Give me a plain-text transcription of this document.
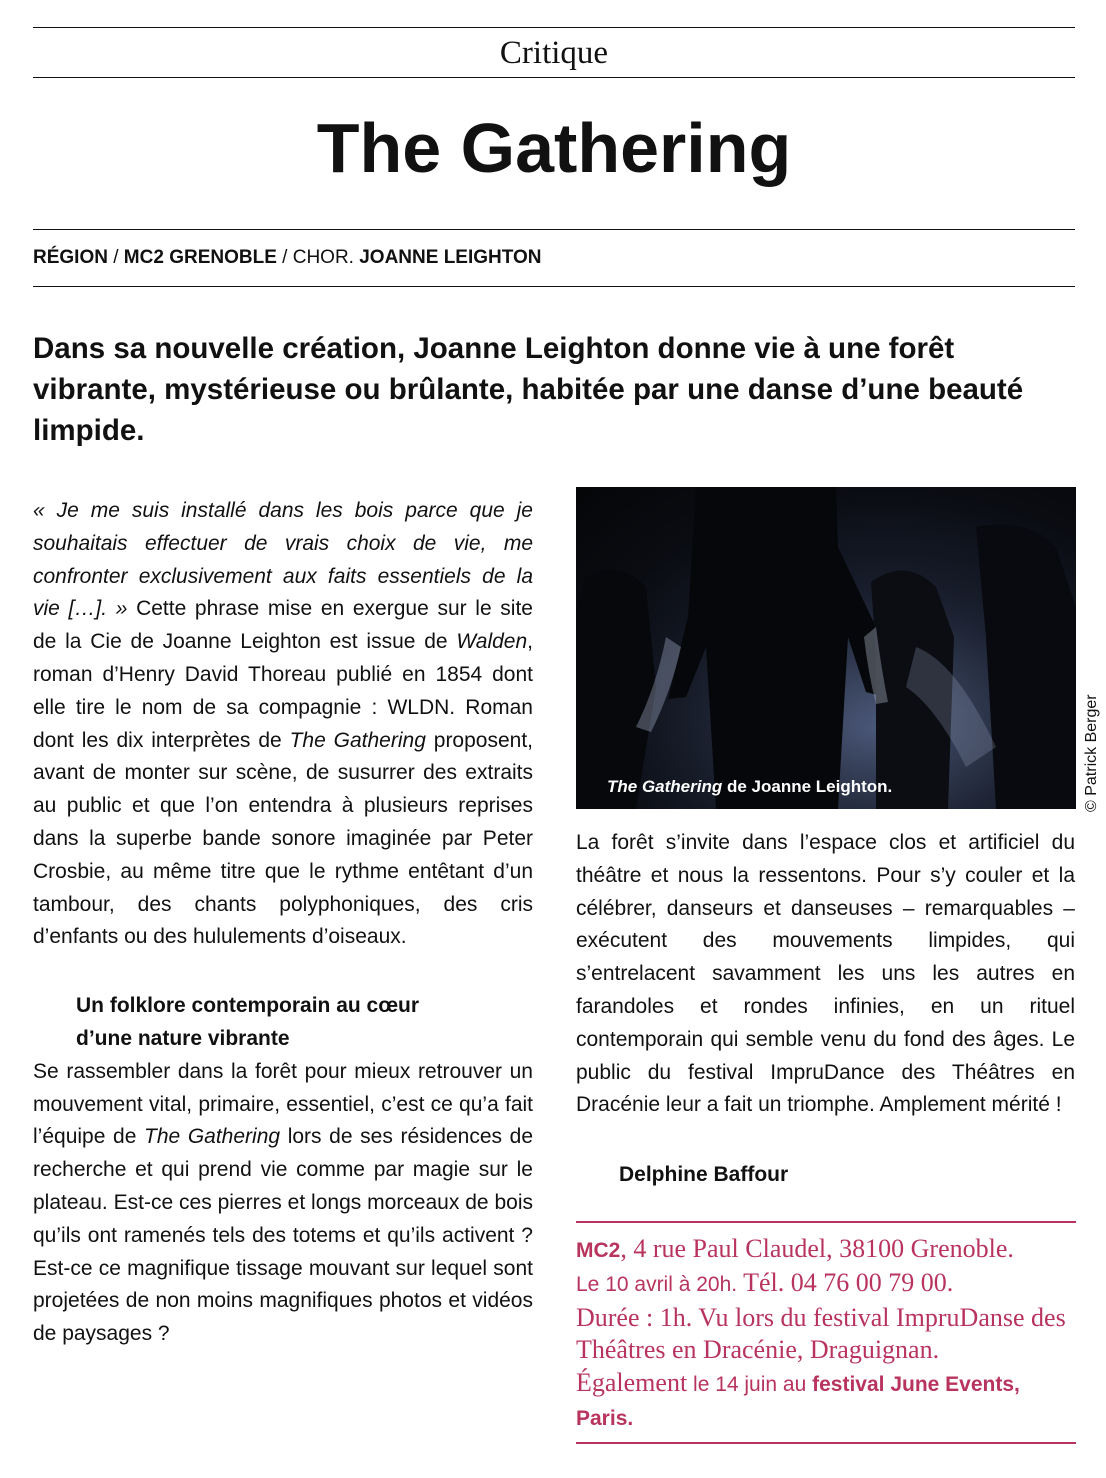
Critique
The Gathering
RÉGION / MC2 GRENOBLE / CHOR. JOANNE LEIGHTON
Dans sa nouvelle création, Joanne Leighton donne vie à une forêt vibrante, mystérieuse ou brûlante, habitée par une danse d’une beauté limpide.

« Je me suis installé dans les bois parce que je souhaitais effectuer de vrais choix de vie, me confronter exclusivement aux faits essentiels de la vie […]. » Cette phrase mise en exergue sur le site de la Cie de Joanne Leighton est issue de Walden, roman d’Henry David Thoreau publié en 1854 dont elle tire le nom de sa compagnie : WLDN. Roman dont les dix interprètes de The Gathering proposent, avant de monter sur scène, de susurrer des extraits au public et que l’on entendra à plusieurs reprises dans la superbe bande sonore imaginée par Peter Crosbie, au même titre que le rythme entêtant d’un tambour, des chants polyphoniques, des cris d’enfants ou des hululements d’oiseaux.

Un folklore contemporain au cœur
d’une nature vibrante

Se rassembler dans la forêt pour mieux retrouver un mouvement vital, primaire, essentiel, c’est ce qu’a fait l’équipe de The Gathering lors de ses résidences de recherche et qui prend vie comme par magie sur le plateau. Est-ce ces pierres et longs morceaux de bois qu’ils ont ramenés tels des totems et qu’ils activent ? Est-ce ce magnifique tissage mouvant sur lequel sont projetées de non moins magnifiques photos et vidéos de paysages ?

The Gathering de Joanne Leighton.	© Patrick Berger

La forêt s’invite dans l’espace clos et artificiel du théâtre et nous la ressentons. Pour s’y couler et la célébrer, danseurs et danseuses – remarquables – exécutent des mouvements limpides, qui s’entrelacent savamment les uns les autres en farandoles et rondes infinies, en un rituel contemporain qui semble venu du fond des âges. Le public du festival ImpruDance des Théâtres en Dracénie leur a fait un triomphe. Amplement mérité !

Delphine Baffour
MC2, 4 rue Paul Claudel, 38100 Grenoble.
Le 10 avril à 20h. Tél. 04 76 00 79 00.
Durée : 1h. Vu lors du festival ImpruDanse des Théâtres en Dracénie, Draguignan.
Également le 14 juin au festival June Events, Paris.
